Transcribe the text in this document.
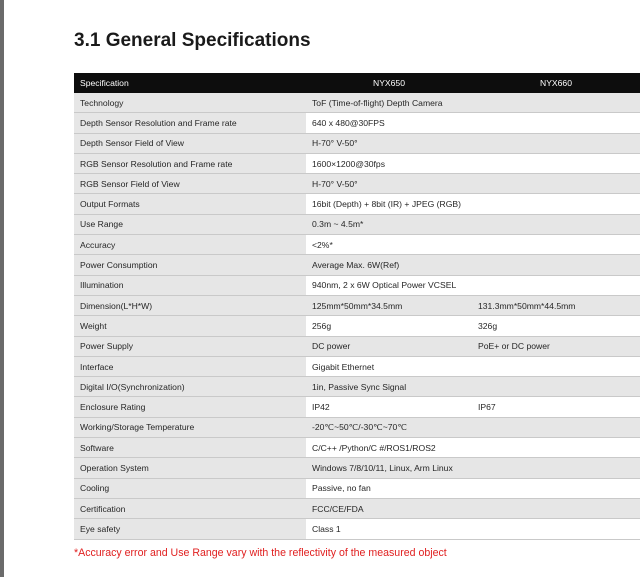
3.1 General Specifications
Specification	NYX650	NYX660
Technology	ToF (Time-of-flight) Depth Camera	
Depth Sensor Resolution and Frame rate	640 x 480@30FPS	
Depth Sensor Field of View	H-70° V-50°	
RGB Sensor Resolution and Frame rate	1600×1200@30fps	
RGB Sensor Field of View	H-70° V-50°	
Output Formats	16bit (Depth) + 8bit (IR) + JPEG (RGB)	
Use Range	0.3m ~ 4.5m*	
Accuracy	<2%*	
Power Consumption	Average Max. 6W(Ref)	
Illumination	940nm, 2 x 6W Optical Power VCSEL	
Dimension(L*H*W)	125mm*50mm*34.5mm	131.3mm*50mm*44.5mm
Weight	256g	326g
Power Supply	DC power	PoE+ or DC power
Interface	Gigabit Ethernet	
Digital I/O(Synchronization)	1in, Passive Sync Signal	
Enclosure Rating	IP42	IP67
Working/Storage Temperature	-20℃~50℃/-30℃~70℃	
Software	C/C++ /Python/C #/ROS1/ROS2	
Operation System	Windows 7/8/10/11, Linux, Arm Linux	
Cooling	Passive, no fan	
Certification	FCC/CE/FDA	
Eye safety	Class 1	
*Accuracy error and Use Range vary with the reflectivity of the measured object
